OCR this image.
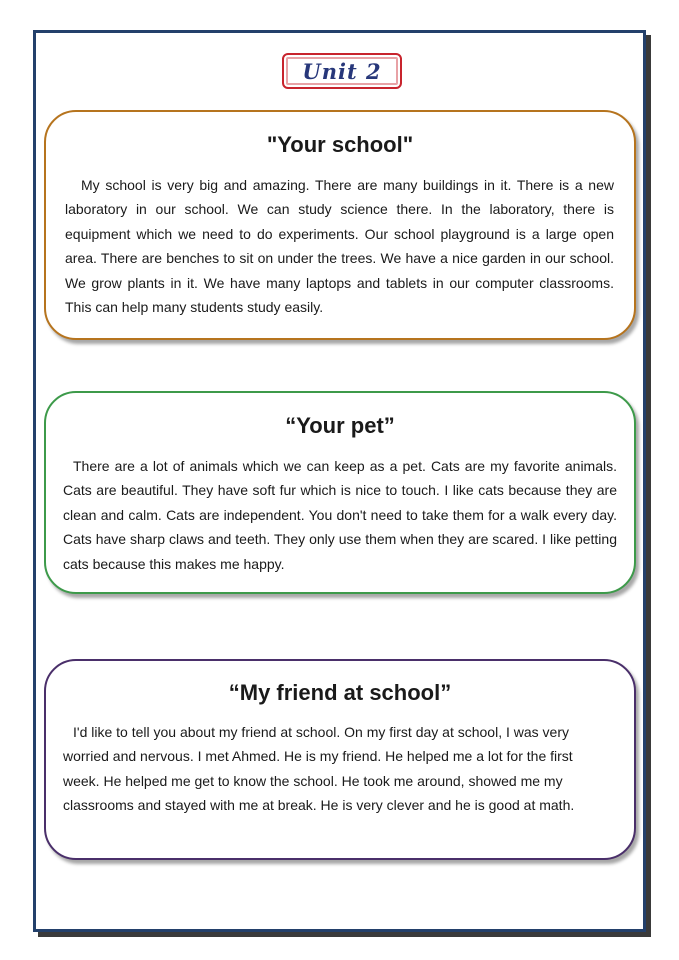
Unit 2
"Your school"

My school is very big and amazing. There are many buildings in it. There is a new laboratory in our school. We can study science there. In the laboratory, there is equipment which we need to do experiments. Our school playground is a large open area. There are benches to sit on under the trees. We have a nice garden in our school. We grow plants in it. We have many laptops and tablets in our computer classrooms. This can help many students study easily.

“Your pet”

There are a lot of animals which we can keep as a pet. Cats are my favorite animals. Cats are beautiful. They have soft fur which is nice to touch. I like cats because they are clean and calm. Cats are independent. You don't need to take them for a walk every day. Cats have sharp claws and teeth. They only use them when they are scared. I like petting cats because this makes me happy.

“My friend at school”

I'd like to tell you about my friend at school. On my first day at school, I was very worried and nervous. I met Ahmed. He is my friend. He helped me a lot for the first week. He helped me get to know the school. He took me around, showed me my classrooms and stayed with me at break. He is very clever and he is good at math.
